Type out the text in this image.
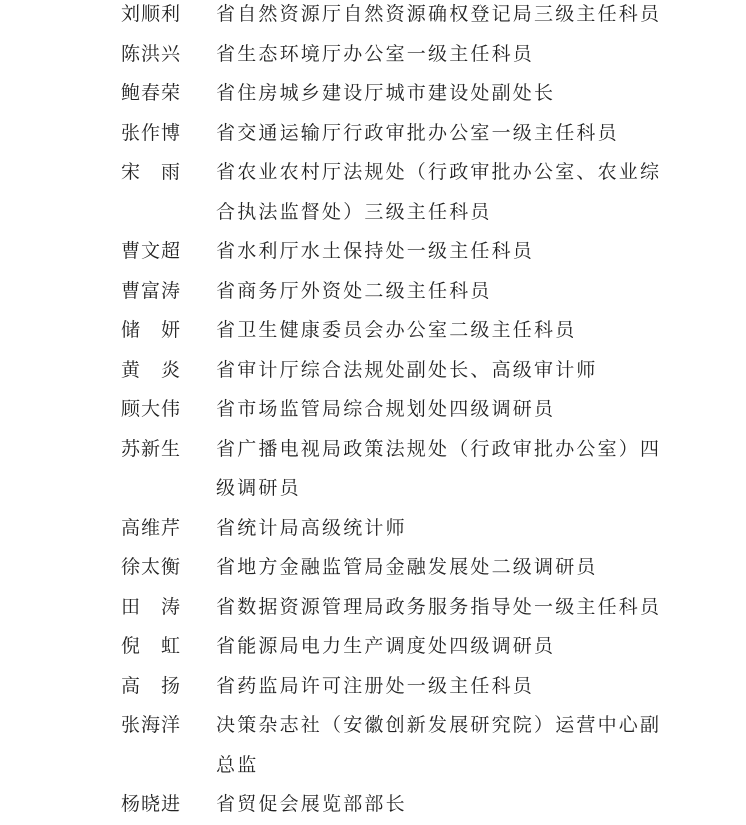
刘顺利 省自然资源厅自然资源确权登记局三级主任科员
陈洪兴 省生态环境厅办公室一级主任科员
鲍春荣 省住房城乡建设厅城市建设处副处长
张作博 省交通运输厅行政审批办公室一级主任科员
宋　雨 省农业农村厅法规处（行政审批办公室、农业综合执法监督处）三级主任科员
曹文超 省水利厅水土保持处一级主任科员
曹富涛 省商务厅外资处二级主任科员
储　妍 省卫生健康委员会办公室二级主任科员
黄　炎 省审计厅综合法规处副处长、高级审计师
顾大伟 省市场监管局综合规划处四级调研员
苏新生 省广播电视局政策法规处（行政审批办公室）四级调研员
高维芹 省统计局高级统计师
徐太衡 省地方金融监管局金融发展处二级调研员
田　涛 省数据资源管理局政务服务指导处一级主任科员
倪　虹 省能源局电力生产调度处四级调研员
高　扬 省药监局许可注册处一级主任科员
张海洋 决策杂志社（安徽创新发展研究院）运营中心副总监
杨晓进 省贸促会展览部部长
